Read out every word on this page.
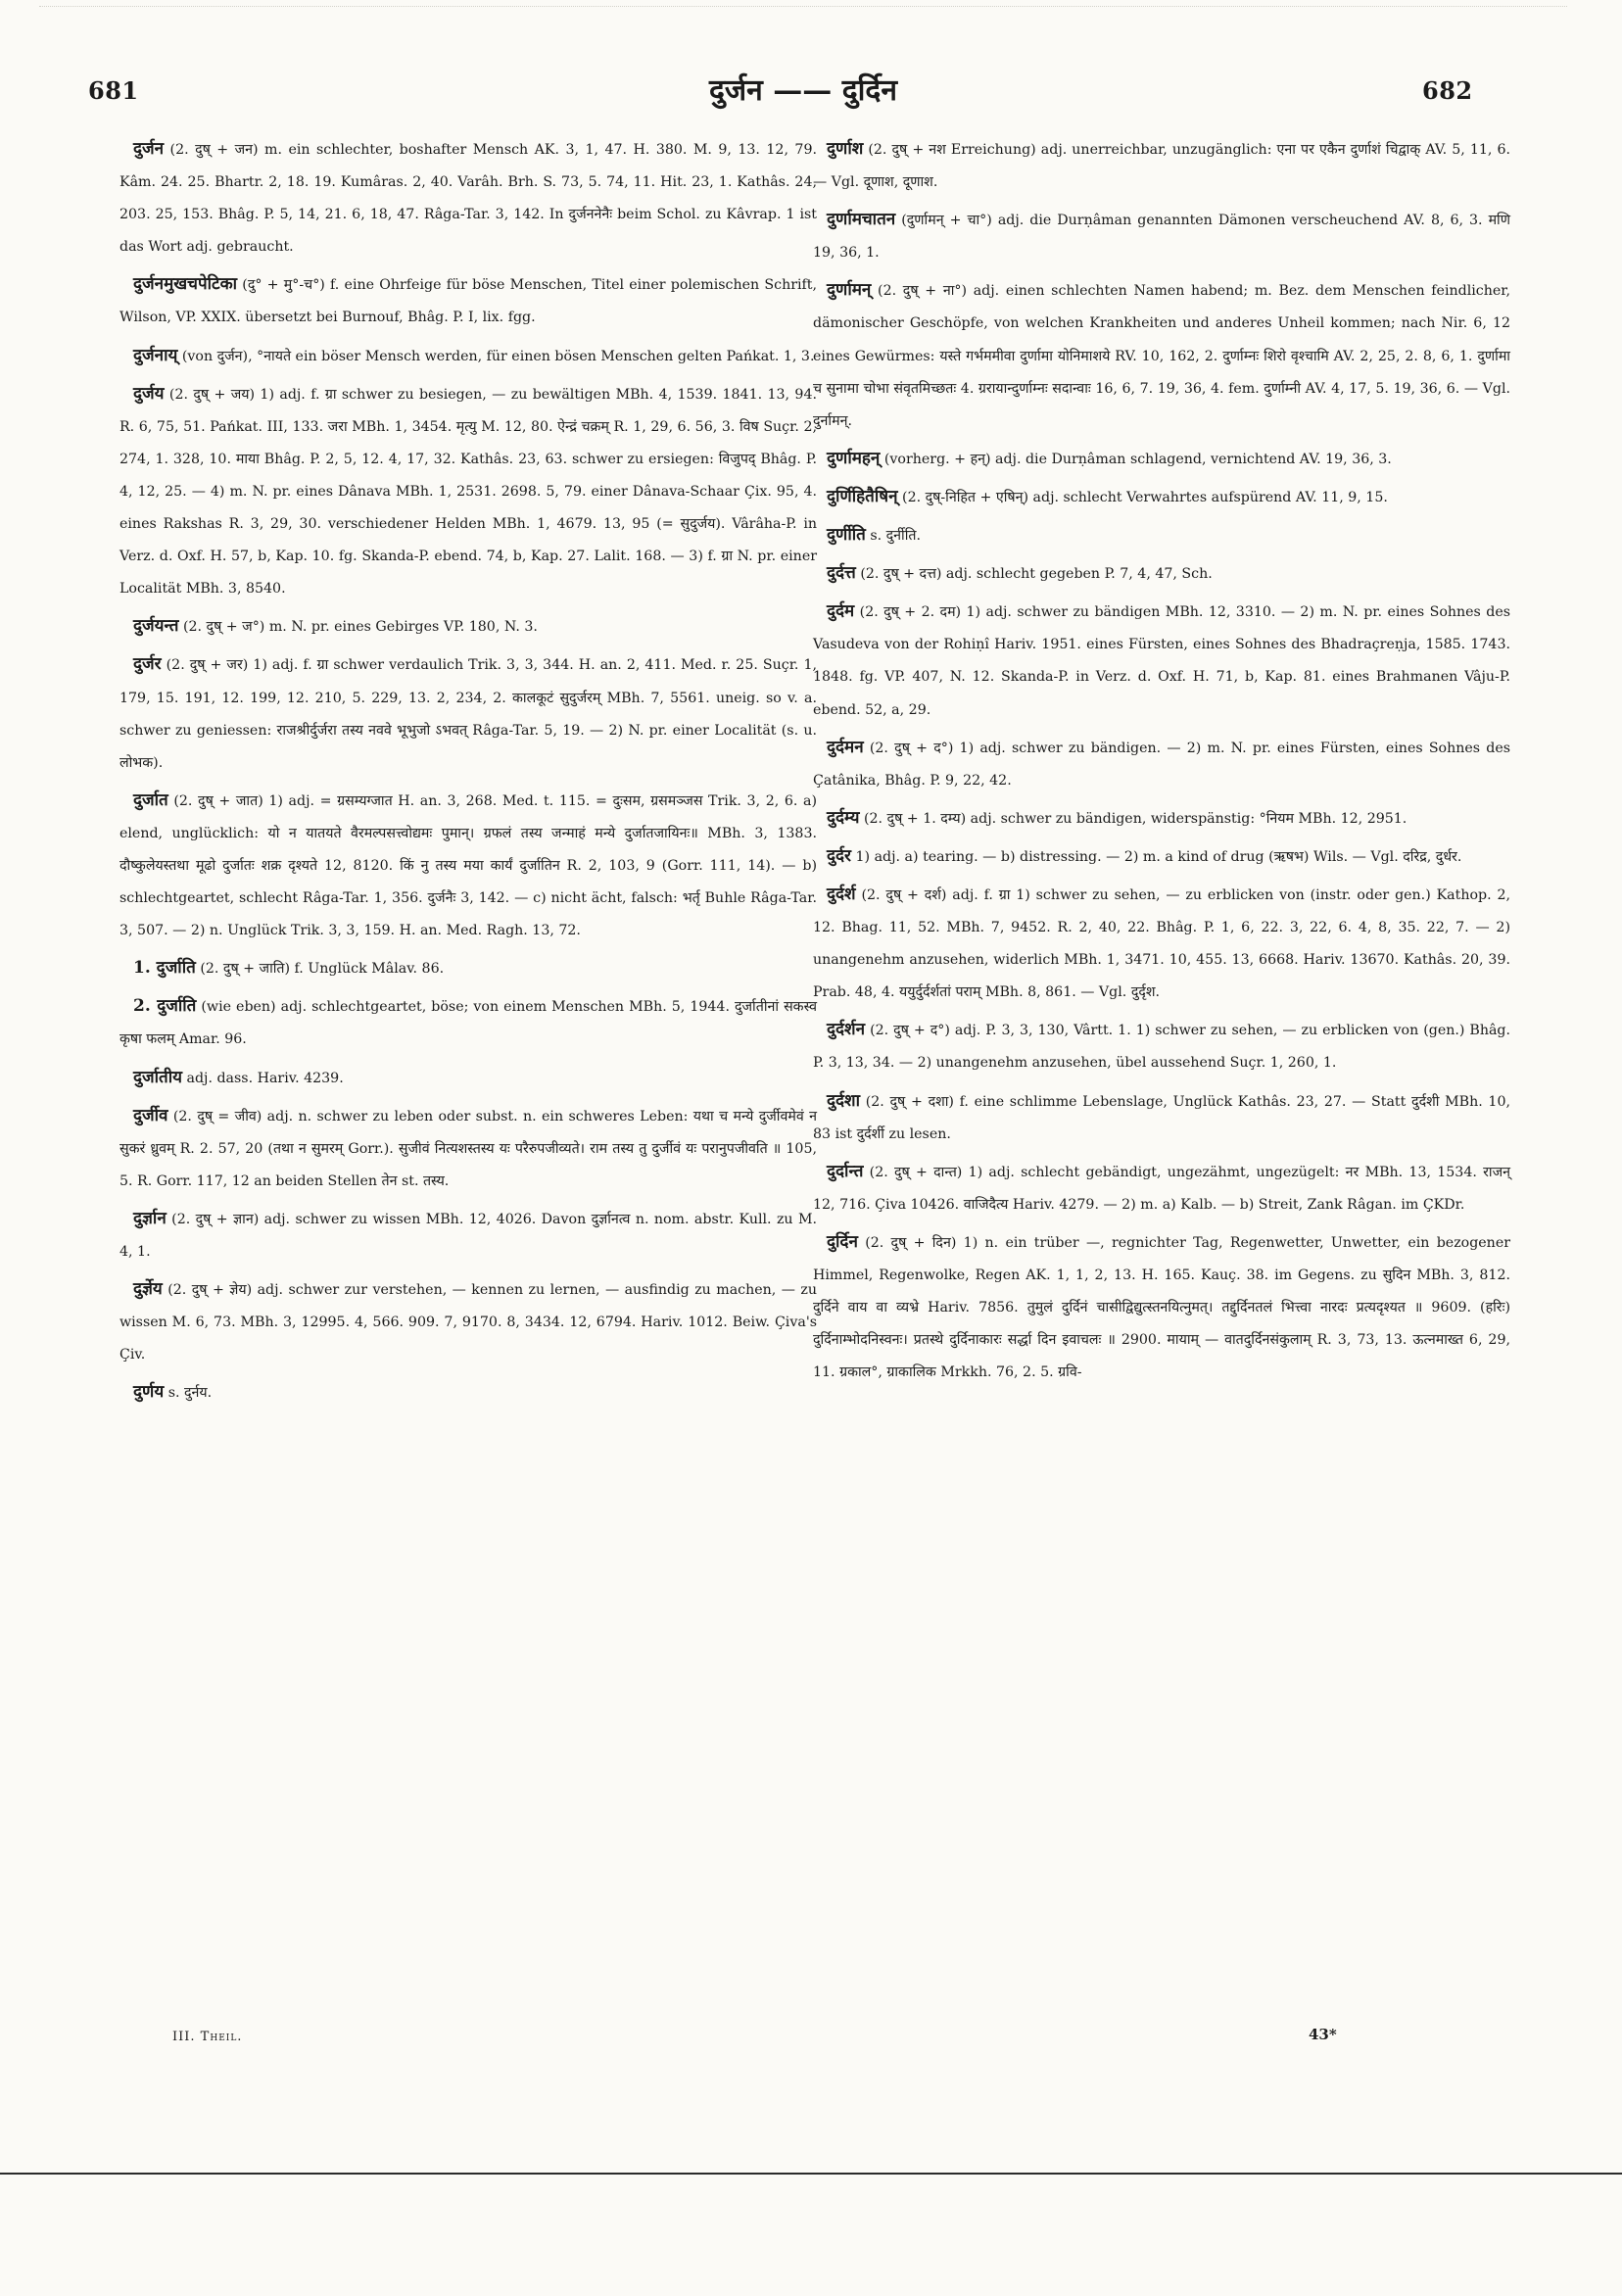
681	दुर्जन —— दुर्दिन	682

दुर्जन (2. दुष् + जन) m. ein schlechter, boshafter Mensch AK. 3, 1, 47. H. 380. M. 9, 13. 12, 79. Kâm. 24. 25. Bhartr. 2, 18. 19. Kumâras. 2, 40. Varâh. Brh. S. 73, 5. 74, 11. Hit. 23, 1. Kathâs. 24, 203. 25, 153. Bhâg. P. 5, 14, 21. 6, 18, 47. Râga-Tar. 3, 142. In दुर्जननेनैः beim Schol. zu Kâvrap. 1 ist das Wort adj. gebraucht.

दुर्जनमुखचपेटिका (दु° + मु°-च°) f. eine Ohrfeige für böse Menschen, Titel einer polemischen Schrift, Wilson, VP. XXIX. übersetzt bei Burnouf, Bhâg. P. I, lix. fgg.

दुर्जनाय् (von दुर्जन), °नायते ein böser Mensch werden, für einen bösen Menschen gelten Pańkat. 1, 3.

दुर्जय (2. दुष् + जय) 1) adj. f. ग्रा schwer zu besiegen, — zu bewältigen MBh. 4, 1539. 1841. 13, 94. R. 6, 75, 51. Pańkat. III, 133. जरा MBh. 1, 3454. मृत्यु M. 12, 80. ऐन्द्रं चक्रम् R. 1, 29, 6. 56, 3. विष Suçr. 2, 274, 1. 328, 10. माया Bhâg. P. 2, 5, 12. 4, 17, 32. Kathâs. 23, 63. schwer zu ersiegen: विजुपद् Bhâg. P. 4, 12, 25. — 4) m. N. pr. eines Dânava MBh. 1, 2531. 2698. 5, 79. einer Dânava-Schaar Çix. 95, 4. eines Rakshas R. 3, 29, 30. verschiedener Helden MBh. 1, 4679. 13, 95 (= सुदुर्जय). Vârâha-P. in Verz. d. Oxf. H. 57, b, Kap. 10. fg. Skanda-P. ebend. 74, b, Kap. 27. Lalit. 168. — 3) f. ग्रा N. pr. einer Localität MBh. 3, 8540.

दुर्जयन्त (2. दुष् + ज°) m. N. pr. eines Gebirges VP. 180, N. 3.

दुर्जर (2. दुष् + जर) 1) adj. f. ग्रा schwer verdaulich Trik. 3, 3, 344. H. an. 2, 411. Med. r. 25. Suçr. 1, 179, 15. 191, 12. 199, 12. 210, 5. 229, 13. 2, 234, 2. कालकूटं सुदुर्जरम् MBh. 7, 5561. uneig. so v. a. schwer zu geniessen: राजश्रीर्दुर्जरा तस्य नववे भूभुजो ऽभवत् Râga-Tar. 5, 19. — 2) N. pr. einer Localität (s. u. लोभक).

दुर्जात (2. दुष् + जात) 1) adj. = ग्रसम्यग्जात H. an. 3, 268. Med. t. 115. = दुःसम, ग्रसमञ्जस Trik. 3, 2, 6. a) elend, unglücklich: यो न यातयते वैरमल्पसत्त्वोद्यमः पुमान्। ग्रफलं तस्य जन्माहं मन्ये दुर्जातजायिनः॥ MBh. 3, 1383. दौष्कुलेयस्तथा मूढो दुर्जातः शक्र दृश्यते 12, 8120. किं नु तस्य मया कार्यं दुर्जातिन R. 2, 103, 9 (Gorr. 111, 14). — b) schlechtgeartet, schlecht Râga-Tar. 1, 356. दुर्जनैः 3, 142. — c) nicht ächt, falsch: भर्तृ Buhle Râga-Tar. 3, 507. — 2) n. Unglück Trik. 3, 3, 159. H. an. Med. Ragh. 13, 72.

1. दुर्जाति (2. दुष् + जाति) f. Unglück Mâlav. 86.

2. दुर्जाति (wie eben) adj. schlechtgeartet, böse; von einem Menschen MBh. 5, 1944. दुर्जातीनां सकस्व कृषा फलम् Amar. 96.

दुर्जातीय adj. dass. Hariv. 4239.

दुर्जीव (2. दुष् = जीव) adj. n. schwer zu leben oder subst. n. ein schweres Leben: यथा च मन्ये दुर्जीवमेवं न सुकरं ध्रुवम् R. 2. 57, 20 (तथा न सुमरम् Gorr.). सुजीवं नित्यशस्तस्य यः परैरुपजीव्यते। राम तस्य तु दुर्जीवं यः परानुपजीवति ॥ 105, 5. R. Gorr. 117, 12 an beiden Stellen तेन st. तस्य.

दुर्ज्ञान (2. दुष् + ज्ञान) adj. schwer zu wissen MBh. 12, 4026. Davon दुर्ज्ञानत्व n. nom. abstr. Kull. zu M. 4, 1.

दुर्ज्ञेय (2. दुष् + ज्ञेय) adj. schwer zur verstehen, — kennen zu lernen, — ausfindig zu machen, — zu wissen M. 6, 73. MBh. 3, 12995. 4, 566. 909. 7, 9170. 8, 3434. 12, 6794. Hariv. 1012. Beiw. Çiva's Çiv.

दुर्णय s. दुर्नय.

दुर्णाश (2. दुष् + नश Erreichung) adj. unerreichbar, unzugänglich: एना पर एकैन दुर्णाशं चिद्वाक् AV. 5, 11, 6. — Vgl. दूणाश, दूणाश.

दुर्णामचातन (दुर्णामन् + चा°) adj. die Durṇâman genannten Dämonen verscheuchend AV. 8, 6, 3. मणि 19, 36, 1.

दुर्णामन् (2. दुष् + ना°) adj. einen schlechten Namen habend; m. Bez. dem Menschen feindlicher, dämonischer Geschöpfe, von welchen Krankheiten und anderes Unheil kommen; nach Nir. 6, 12 eines Gewürmes: यस्ते गर्भममीवा दुर्णामा योनिमाशये RV. 10, 162, 2. दुर्णाम्नः शिरो वृश्चामि AV. 2, 25, 2. 8, 6, 1. दुर्णामा च सुनामा चोभा संवृतमिच्छतः 4. ग्ररायान्दुर्णाम्नः सदान्वाः 16, 6, 7. 19, 36, 4. fem. दुर्णाम्नी AV. 4, 17, 5. 19, 36, 6. — Vgl. दुर्नामन्.

दुर्णामहन् (vorherg. + हन्) adj. die Durṇâman schlagend, vernichtend AV. 19, 36, 3.

दुर्णिहितैषिन् (2. दुष्-निहित + एषिन्) adj. schlecht Verwahrtes aufspürend AV. 11, 9, 15.

दुर्णीति s. दुर्नीति.

दुर्दत्त (2. दुष् + दत्त) adj. schlecht gegeben P. 7, 4, 47, Sch.

दुर्दम (2. दुष् + 2. दम) 1) adj. schwer zu bändigen MBh. 12, 3310. — 2) m. N. pr. eines Sohnes des Vasudeva von der Rohiṇî Hariv. 1951. eines Fürsten, eines Sohnes des Bhadraçreṇja, 1585. 1743. 1848. fg. VP. 407, N. 12. Skanda-P. in Verz. d. Oxf. H. 71, b, Kap. 81. eines Brahmanen Vâju-P. ebend. 52, a, 29.

दुर्दमन (2. दुष् + द°) 1) adj. schwer zu bändigen. — 2) m. N. pr. eines Fürsten, eines Sohnes des Çatânika, Bhâg. P. 9, 22, 42.

दुर्दम्य (2. दुष् + 1. दम्य) adj. schwer zu bändigen, widerspänstig: °नियम MBh. 12, 2951.

दुर्दर 1) adj. a) tearing. — b) distressing. — 2) m. a kind of drug (ऋषभ) Wils. — Vgl. दरिद्र, दुर्धर.

दुर्दर्श (2. दुष् + दर्श) adj. f. ग्रा 1) schwer zu sehen, — zu erblicken von (instr. oder gen.) Kathop. 2, 12. Bhag. 11, 52. MBh. 7, 9452. R. 2, 40, 22. Bhâg. P. 1, 6, 22. 3, 22, 6. 4, 8, 35. 22, 7. — 2) unangenehm anzusehen, widerlich MBh. 1, 3471. 10, 455. 13, 6668. Hariv. 13670. Kathâs. 20, 39. Prab. 48, 4. ययुर्दुर्दर्शतां पराम् MBh. 8, 861. — Vgl. दुर्दृश.

दुर्दर्शन (2. दुष् + द°) adj. P. 3, 3, 130, Vârtt. 1. 1) schwer zu sehen, — zu erblicken von (gen.) Bhâg. P. 3, 13, 34. — 2) unangenehm anzusehen, übel aussehend Suçr. 1, 260, 1.

दुर्दशा (2. दुष् + दशा) f. eine schlimme Lebenslage, Unglück Kathâs. 23, 27. — Statt दुर्दशी MBh. 10, 83 ist दुर्दर्शी zu lesen.

दुर्दान्त (2. दुष् + दान्त) 1) adj. schlecht gebändigt, ungezähmt, ungezügelt: नर MBh. 13, 1534. राजन् 12, 716. Çiva 10426. वाजिदैत्य Hariv. 4279. — 2) m. a) Kalb. — b) Streit, Zank Râgan. im ÇKDr.

दुर्दिन (2. दुष् + दिन) 1) n. ein trüber —, regnichter Tag, Regenwetter, Unwetter, ein bezogener Himmel, Regenwolke, Regen AK. 1, 1, 2, 13. H. 165. Kauç. 38. im Gegens. zu सुदिन MBh. 3, 812. दुर्दिने वाय वा व्यभ्रे Hariv. 7856. तुमुलं दुर्दिनं चासीद्विद्युत्स्तनयित्नुमत्। तद्दुर्दिनतलं भित्त्वा नारदः प्रत्यदृश्यत ॥ 9609. (हरिः) दुर्दिनाम्भोदनिस्वनः। प्रतस्थे दुर्दिनाकारः सर्द्धा दिन इवाचलः ॥ 2900. मायाम् — वातदुर्दिनसंकुलाम् R. 3, 73, 13. ऊत्नमाख्त 6, 29, 11. ग्रकाल°, ग्राकालिक Mrkkh. 76, 2. 5. ग्रवि-

III. Theil.	43*
